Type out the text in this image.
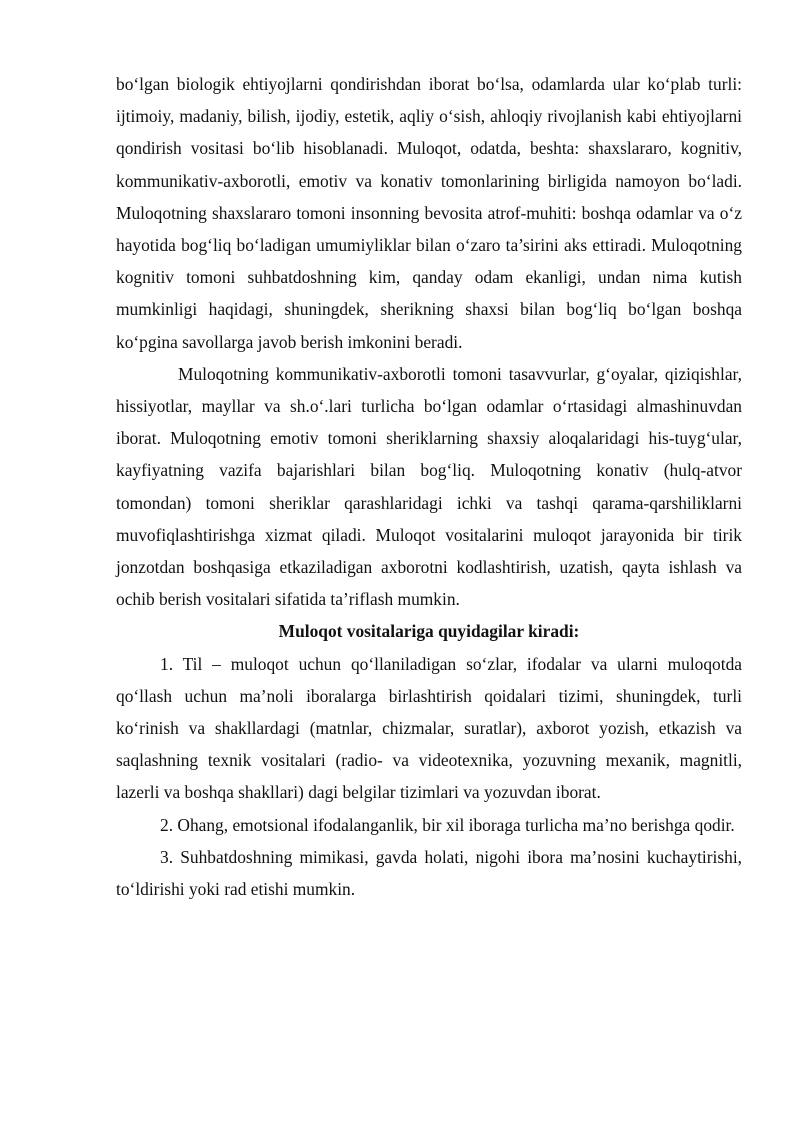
bo‘lgan biologik ehtiyojlarni qondirishdan iborat bo‘lsa, odamlarda ular ko‘plab turli: ijtimoiy, madaniy, bilish, ijodiy, estetik, aqliy o‘sish, ahloqiy rivojlanish kabi ehtiyojlarni qondirish vositasi bo‘lib hisoblanadi. Muloqot, odatda, beshta: shaxslararo, kognitiv, kommunikativ-axborotli, emotiv va konativ tomonlarining birligida namoyon bo‘ladi. Muloqotning shaxslararo tomoni insonning bevosita atrof-muhiti: boshqa odamlar va o‘z hayotida bog‘liq bo‘ladigan umumiyliklar bilan o‘zaro ta’sirini aks ettiradi. Muloqotning kognitiv tomoni suhbatdoshning kim, qanday odam ekanligi, undan nima kutish mumkinligi haqidagi, shuningdek, sherikning shaxsi bilan bog‘liq bo‘lgan boshqa ko‘pgina savollarga javob berish imkonini beradi.

Muloqotning kommunikativ-axborotli tomoni tasavvurlar, g‘oyalar, qiziqishlar, hissiyotlar, mayllar va sh.o‘.lari turlicha bo‘lgan odamlar o‘rtasidagi almashinuvdan iborat. Muloqotning emotiv tomoni sheriklarning shaxsiy aloqalaridagi his-tuyg‘ular, kayfiyatning vazifa bajarishlari bilan bog‘liq. Muloqotning konativ (hulq-atvor tomondan) tomoni sheriklar qarashlaridagi ichki va tashqi qarama-qarshiliklarni muvofiqlashtirishga xizmat qiladi. Muloqot vositalarini muloqot jarayonida bir tirik jonzotdan boshqasiga etkaziladigan axborotni kodlashtirish, uzatish, qayta ishlash va ochib berish vositalari sifatida ta’riflash mumkin.

Muloqot vositalariga quyidagilar kiradi:

1. Til – muloqot uchun qo‘llaniladigan so‘zlar, ifodalar va ularni muloqotda qo‘llash uchun ma’noli iboralarga birlashtirish qoidalari tizimi, shuningdek, turli ko‘rinish va shakllardagi (matnlar, chizmalar, suratlar), axborot yozish, etkazish va saqlashning texnik vositalari (radio- va videotexnika, yozuvning mexanik, magnitli, lazerli va boshqa shakllari) dagi belgilar tizimlari va yozuvdan iborat.

2. Ohang, emotsional ifodalanganlik, bir xil iboraga turlicha ma’no berishga qodir.

3. Suhbatdoshning mimikasi, gavda holati, nigohi ibora ma’nosini kuchaytirishi, to‘ldirishi yoki rad etishi mumkin.
